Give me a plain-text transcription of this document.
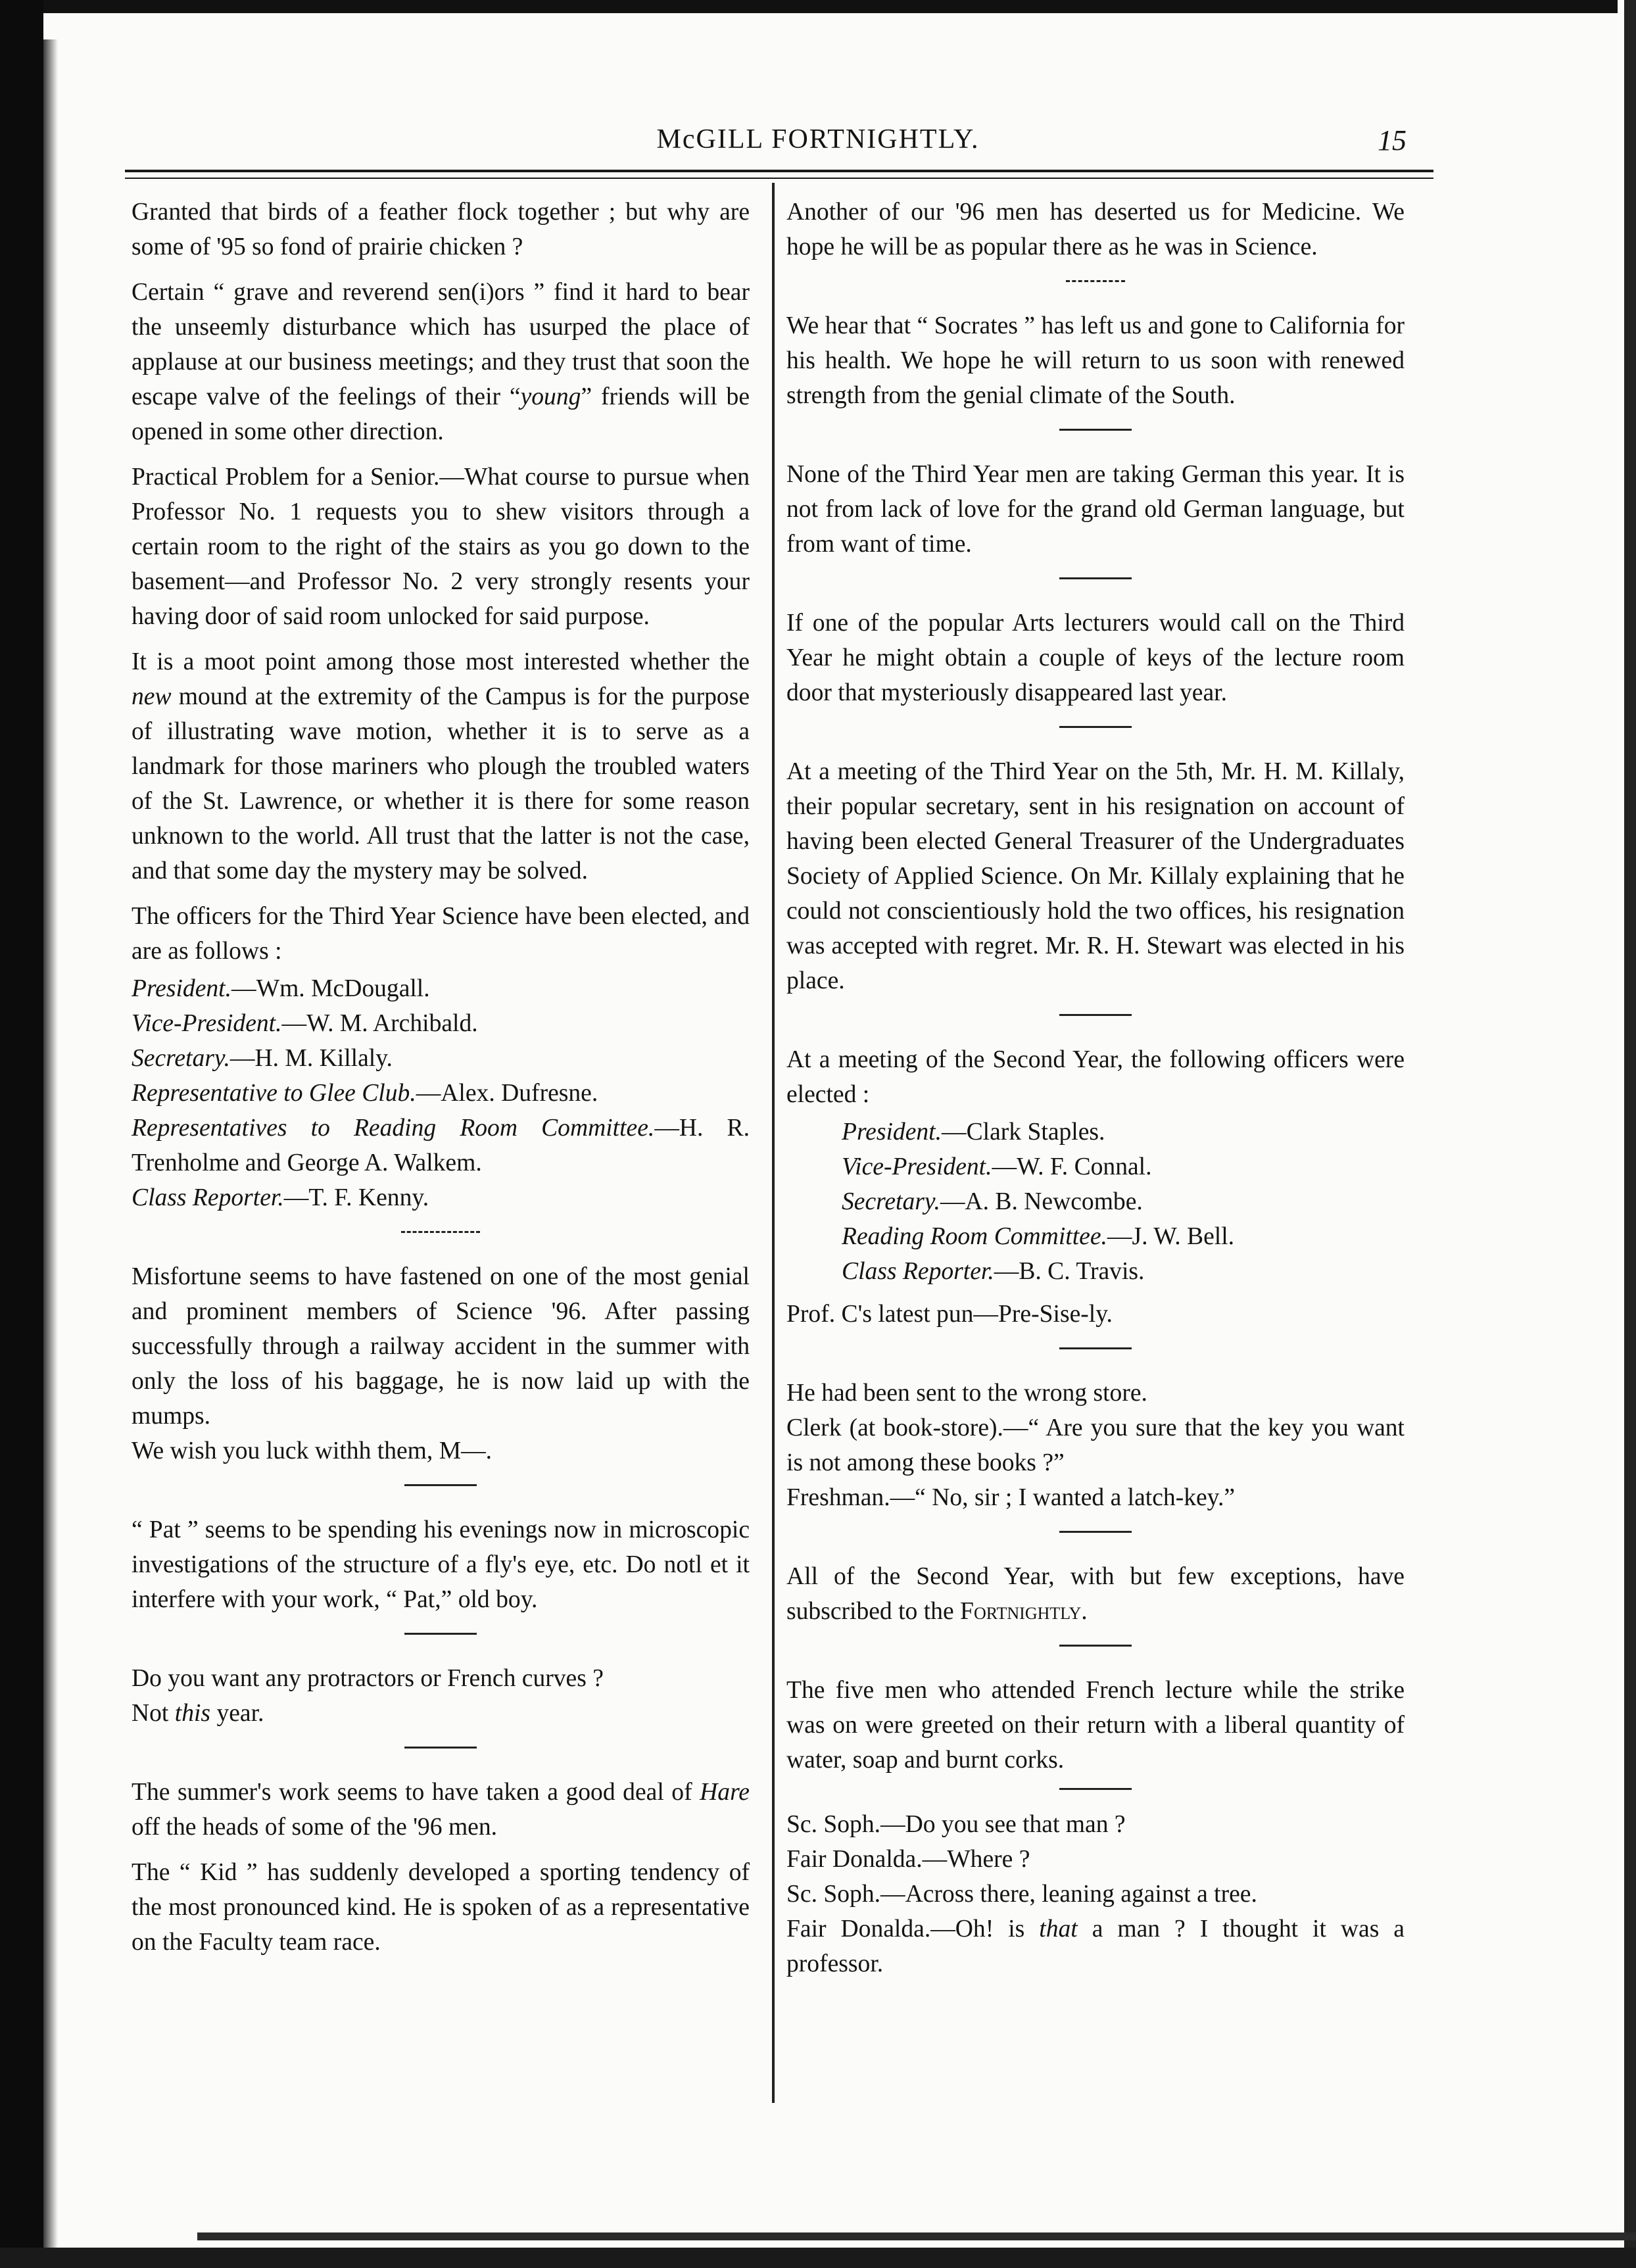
McGILL FORTNIGHTLY.	15

Granted that birds of a feather flock together ; but why are some of '95 so fond of prairie chicken ?

Certain “ grave and reverend sen(i)ors ” find it hard to bear the unseemly disturbance which has usurped the place of applause at our business meetings; and they trust that soon the escape valve of the feelings of their “young” friends will be opened in some other direction.

Practical Problem for a Senior.—What course to pursue when Professor No. 1 requests you to shew visitors through a certain room to the right of the stairs as you go down to the basement—and Professor No. 2 very strongly resents your having door of said room unlocked for said purpose.

It is a moot point among those most interested whether the new mound at the extremity of the Campus is for the purpose of illustrating wave motion, whether it is to serve as a landmark for those mariners who plough the troubled waters of the St. Lawrence, or whether it is there for some reason unknown to the world. All trust that the latter is not the case, and that some day the mystery may be solved.

The officers for the Third Year Science have been elected, and are as follows :

President.—Wm. McDougall.
Vice-President.—W. M. Archibald.
Secretary.—H. M. Killaly.
Representative to Glee Club.—Alex. Dufresne.
Representatives to Reading Room Committee.—H. R. Trenholme and George A. Walkem.
Class Reporter.—T. F. Kenny.

Misfortune seems to have fastened on one of the most genial and prominent members of Science '96. After passing successfully through a railway accident in the summer with only the loss of his baggage, he is now laid up with the mumps.

We wish you luck withh them, M—.

“ Pat ” seems to be spending his evenings now in microscopic investigations of the structure of a fly's eye, etc. Do notl et it interfere with your work, “ Pat,” old boy.

Do you want any protractors or French curves ?

Not this year.

The summer's work seems to have taken a good deal of Hare off the heads of some of the '96 men.

The “ Kid ” has suddenly developed a sporting tendency of the most pronounced kind. He is spoken of as a representative on the Faculty team race.

Another of our '96 men has deserted us for Medicine. We hope he will be as popular there as he was in Science.

We hear that “ Socrates ” has left us and gone to California for his health. We hope he will return to us soon with renewed strength from the genial climate of the South.

None of the Third Year men are taking German this year. It is not from lack of love for the grand old German language, but from want of time.

If one of the popular Arts lecturers would call on the Third Year he might obtain a couple of keys of the lecture room door that mysteriously disappeared last year.

At a meeting of the Third Year on the 5th, Mr. H. M. Killaly, their popular secretary, sent in his resignation on account of having been elected General Treasurer of the Undergraduates Society of Applied Science. On Mr. Killaly explaining that he could not conscientiously hold the two offices, his resignation was accepted with regret. Mr. R. H. Stewart was elected in his place.

At a meeting of the Second Year, the following officers were elected :

President.—Clark Staples.
Vice-President.—W. F. Connal.
Secretary.—A. B. Newcombe.
Reading Room Committee.—J. W. Bell.
Class Reporter.—B. C. Travis.

Prof. C's latest pun—Pre-Sise-ly.

He had been sent to the wrong store.

Clerk (at book-store).—“ Are you sure that the key you want is not among these books ?”

Freshman.—“ No, sir ; I wanted a latch-key.”

All of the Second Year, with but few exceptions, have subscribed to the Fortnightly.

The five men who attended French lecture while the strike was on were greeted on their return with a liberal quantity of water, soap and burnt corks.

Sc. Soph.—Do you see that man ?

Fair Donalda.—Where ?

Sc. Soph.—Across there, leaning against a tree.

Fair Donalda.—Oh! is that a man ? I thought it was a professor.
